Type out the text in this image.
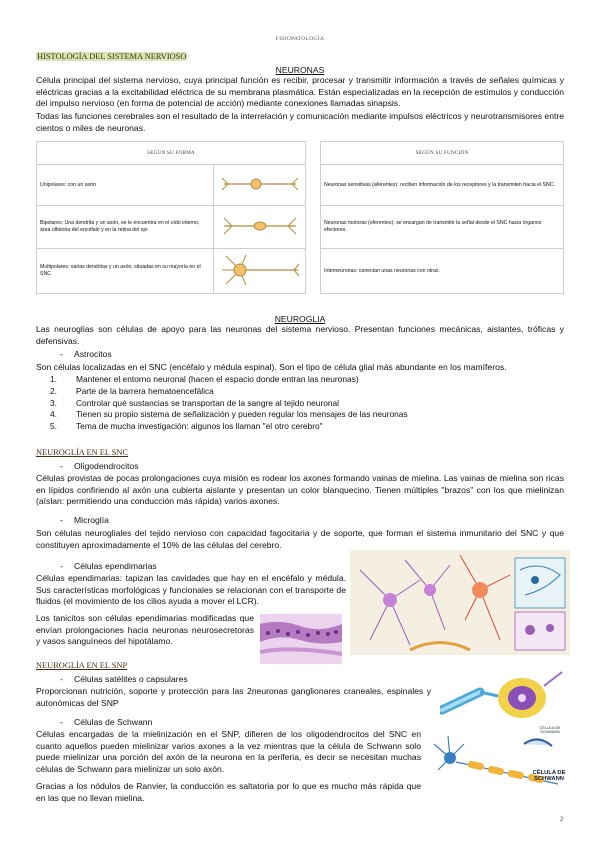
FISIOPATOLOGÍA
HISTOLOGÍA DEL SISTEMA NERVIOSO
NEURONAS

Célula principal del sistema nervioso, cuya principal función es recibir, procesar y transmitir información a través de señales químicas y eléctricas gracias a la excitabilidad eléctrica de su membrana plasmática. Están especializadas en la recepción de estímulos y conducción del impulso nervioso (en forma de potencial de acción) mediante conexiones llamadas sinapsis.

Todas las funciones cerebrales son el resultado de la interrelación y comunicación mediante impulsos eléctricos y neurotransmisores entre cientos o miles de neuronas.

SEGÚN SU FORMA	
Unipolares: con un axón	
Bipolares: Una dendrita y un axón, se le encuentra en el oído interno, área olfatoria del encéfalo y en la retina del ojo	
Multipolares: varias dendritas y un axón, situadas en su mayoría en el SNC	
SEGÚN SU FUNCIÓN
Neuronas sensitivas (aferentes): reciben información de los receptores y la transmiten hacia el SNC.
Neuronas motoras (eferentes): se encargan de transmitir la señal desde el SNC hacia órganos efectores.
Interneuronas: conectan unas neuronas con otras.
NEUROGLIA

Las neuroglias son células de apoyo para las neuronas del sistema nervioso. Presentan funciones mecánicas, aislantes, tróficas y defensivas.

- Astrocitos

Son células localizadas en el SNC (encéfalo y médula espinal). Son el tipo de célula glial más abundante en los mamíferos.

1.	Mantener el entorno neuronal (hacen el espacio donde entran las neuronas)
2.	Parte de la barrera hematoencefálica
3.	Controlar qué sustancias se transportan de la sangre al tejido neuronal
4.	Tienen su propio sistema de señalización y pueden regular los mensajes de las neuronas
5.	Tema de mucha investigación: algunos los llaman "el otro cerebro"
NEUROGLÍA EN EL SNC
- Oligodendrocitos

Células provistas de pocas prolongaciones cuya misión es rodear los axones formando vainas de mielina. Las vainas de mielina son ricas en lípidos confiriendo al axón una cubierta aislante y presentan un color blanquecino. Tienen múltiples "brazos" con los que mielinizan (aíslan: permitiendo una conducción más rápida) varios axones.

- Microglía

Son células neurogliales del tejido nervioso con capacidad fagocitaria y de soporte, que forman el sistema inmunitario del SNC y que constituyen aproximadamente el 10% de las células del cerebro.

- Células ependimarias

Células ependimarias: tapizan las cavidades que hay en el encéfalo y médula. Sus características morfológicas y funcionales se relacionan con el transporte de fluidos (el movimiento de los cilios ayuda a mover el LCR).

Los tanicitos son células ependimarias modificadas que envían prolongaciones hacia neuronas neurosecretoras y vasos sanguíneos del hipotálamo.

NEUROGLÍA EN EL SNP
- Células satélites o capsulares

Proporcionan nutrición, soporte y protección para las 2neuronas ganglionares craneales, espinales y autonómicas del SNP

- Células de Schwann

Células encargadas de la mielinización en el SNP, difieren de los oligodendrocitos del SNC en cuanto aquellos pueden mielinizar varios axones a la vez mientras que la célula de Schwann solo puede mielinizar una porción del axón de la neurona en la periferia, es decir se necesitan muchas células de Schwann para mielinizar un solo axón.

Gracias a los nódulos de Ranvier, la conducción es saltatoria por lo que es mucho más rápida que en las que no llevan mielina.

CÉLULA DE SCHWANN
CÉLULA DE SCHWANN
2
